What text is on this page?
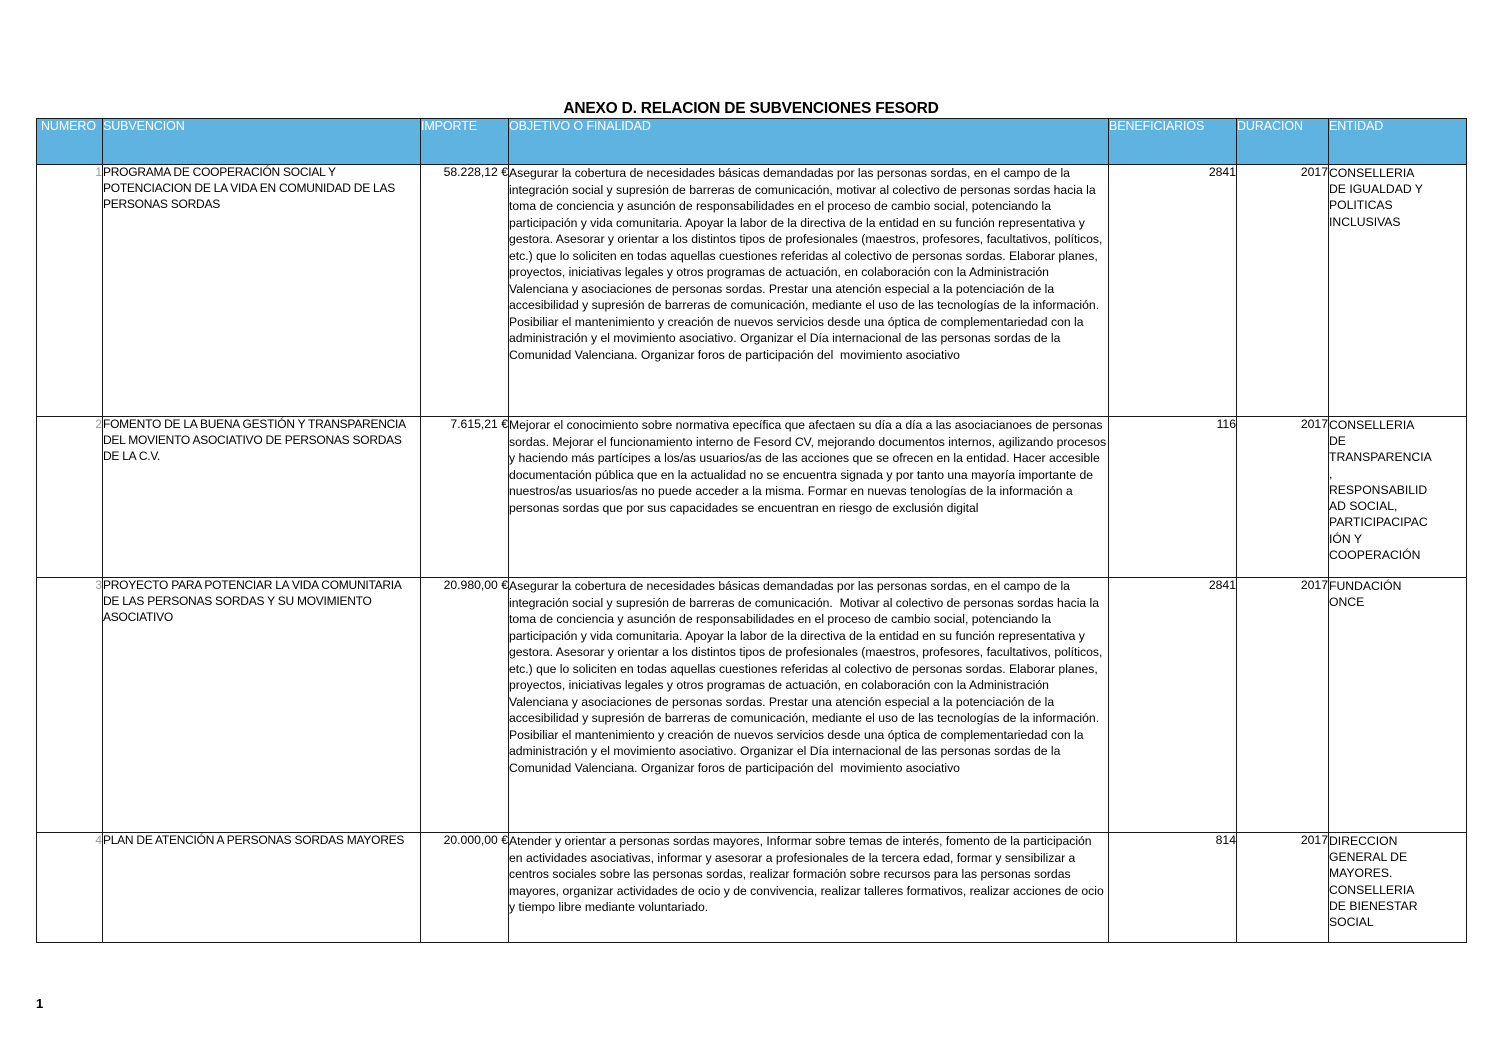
ANEXO D. RELACION DE SUBVENCIONES FESORD
NUMERO	SUBVENCION	IMPORTE	OBJETIVO O FINALIDAD	BENEFICIARIOS	DURACION	ENTIDAD
1	PROGRAMA DE COOPERACIÓN SOCIAL Y POTENCIACION DE LA VIDA EN COMUNIDAD DE LAS PERSONAS SORDAS	58.228,12 €	Asegurar la cobertura de necesidades básicas demandadas por las personas sordas, en el campo de la integración social y supresión de barreras de comunicación, motivar al colectivo de personas sordas hacia la toma de conciencia y asunción de responsabilidades en el proceso de cambio social, potenciando la participación y vida comunitaria. Apoyar la labor de la directiva de la entidad en su función representativa y gestora. Asesorar y orientar a los distintos tipos de profesionales (maestros, profesores, facultativos, políticos, etc.) que lo soliciten en todas aquellas cuestiones referidas al colectivo de personas sordas. Elaborar planes, proyectos, iniciativas legales y otros programas de actuación, en colaboración con la Administración Valenciana y asociaciones de personas sordas. Prestar una atención especial a la potenciación de la accesibilidad y supresión de barreras de comunicación, mediante el uso de las tecnologías de la información. Posibiliar el mantenimiento y creación de nuevos servicios desde una óptica de complementariedad con la administración y el movimiento asociativo. Organizar el Día internacional de las personas sordas de la Comunidad Valenciana. Organizar foros de participación del  movimiento asociativo	2841	2017	CONSELLERIA
DE IGUALDAD Y
POLITICAS
INCLUSIVAS

2	FOMENTO DE LA BUENA GESTIÓN Y TRANSPARENCIA DEL MOVIENTO ASOCIATIVO DE PERSONAS SORDAS DE LA C.V.	7.615,21 €	Mejorar el conocimiento sobre normativa epecífica que afectaen su día a día a las asociacianoes de personas sordas. Mejorar el funcionamiento interno de Fesord CV, mejorando documentos internos, agilizando procesos y haciendo más partícipes a los/as usuarios/as de las acciones que se ofrecen en la entidad. Hacer accesible documentación pública que en la actualidad no se encuentra signada y por tanto una mayoría importante de nuestros/as usuarios/as no puede acceder a la misma. Formar en nuevas tenologías de la información a personas sordas que por sus capacidades se encuentran en riesgo de exclusión digital	116	2017	CONSELLERIA
DE
TRANSPARENCIA
,
RESPONSABILID
AD SOCIAL,
PARTICIPACIPAC
IÓN Y
COOPERACIÓN

3	PROYECTO PARA POTENCIAR LA VIDA COMUNITARIA DE LAS PERSONAS SORDAS Y SU MOVIMIENTO ASOCIATIVO	20.980,00 €	Asegurar la cobertura de necesidades básicas demandadas por las personas sordas, en el campo de la integración social y supresión de barreras de comunicación.  Motivar al colectivo de personas sordas hacia la toma de conciencia y asunción de responsabilidades en el proceso de cambio social, potenciando la participación y vida comunitaria. Apoyar la labor de la directiva de la entidad en su función representativa y gestora. Asesorar y orientar a los distintos tipos de profesionales (maestros, profesores, facultativos, políticos, etc.) que lo soliciten en todas aquellas cuestiones referidas al colectivo de personas sordas. Elaborar planes, proyectos, iniciativas legales y otros programas de actuación, en colaboración con la Administración Valenciana y asociaciones de personas sordas. Prestar una atención especial a la potenciación de la accesibilidad y supresión de barreras de comunicación, mediante el uso de las tecnologías de la información. Posibiliar el mantenimiento y creación de nuevos servicios desde una óptica de complementariedad con la administración y el movimiento asociativo. Organizar el Día internacional de las personas sordas de la Comunidad Valenciana. Organizar foros de participación del  movimiento asociativo	2841	2017	FUNDACIÓN
ONCE

4	PLAN DE ATENCIÓN A PERSONAS SORDAS MAYORES	20.000,00 €	Atender y orientar a personas sordas mayores, Informar sobre temas de interés, fomento de la participación en actividades asociativas, informar y asesorar a profesionales de la tercera edad, formar y sensibilizar a centros sociales sobre las personas sordas, realizar formación sobre recursos para las personas sordas mayores, organizar actividades de ocio y de convivencia, realizar talleres formativos, realizar acciones de ocio y tiempo libre mediante voluntariado.	814	2017	DIRECCION
GENERAL DE
MAYORES.
CONSELLERIA
DE BIENESTAR
SOCIAL
1
